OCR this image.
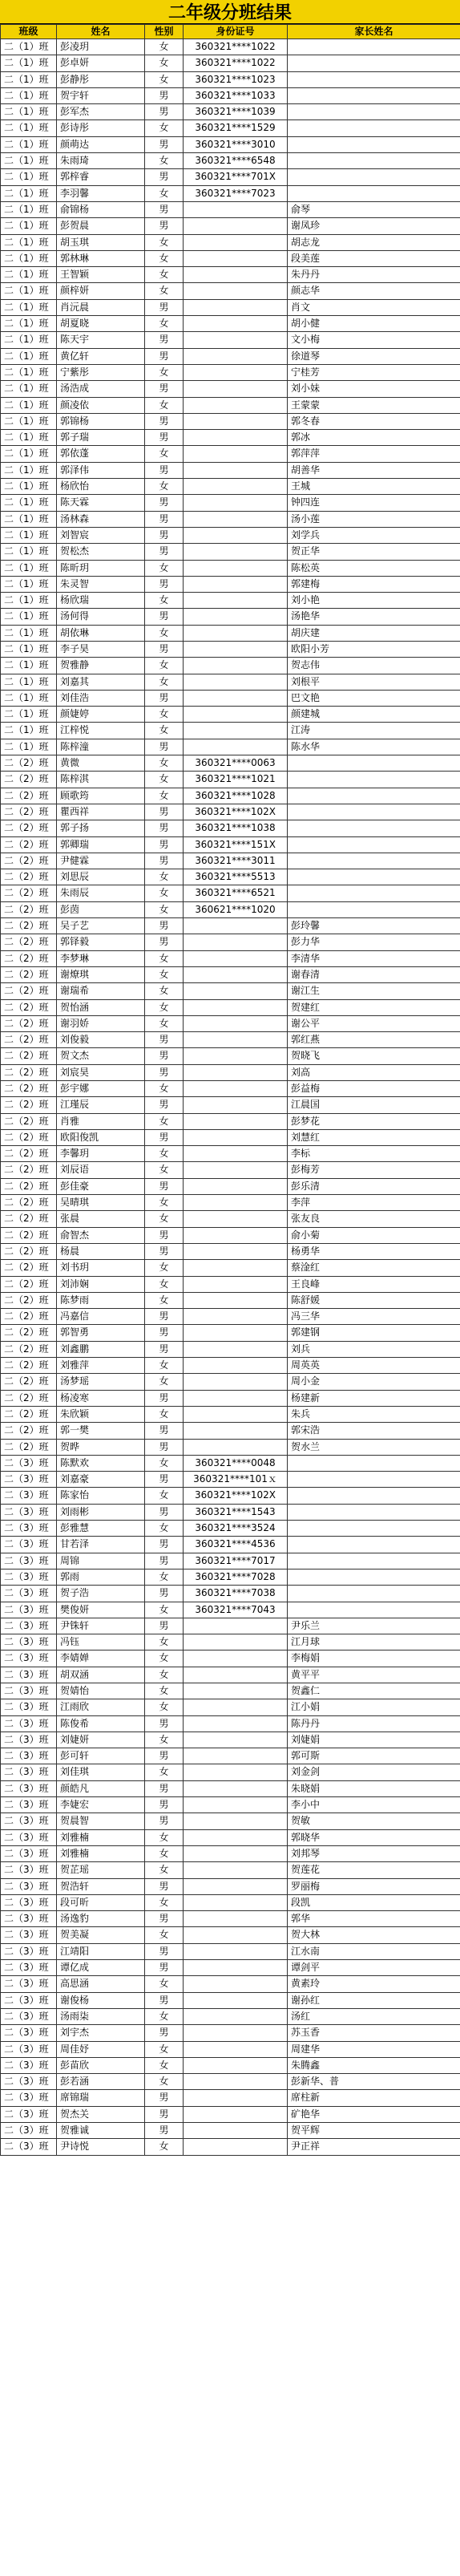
二年级分班结果
班级	姓名	性别	身份证号	家长姓名
二（1）班	彭凌玥	女	360321****1022	
二（1）班	彭卓妍	女	360321****1022	
二（1）班	彭静彤	女	360321****1023	
二（1）班	贺宇轩	男	360321****1033	
二（1）班	彭军杰	男	360321****1039	
二（1）班	彭诗彤	女	360321****1529	
二（1）班	颜萌达	男	360321****3010	
二（1）班	朱雨琦	女	360321****6548	
二（1）班	郭梓睿	男	360321****701X	
二（1）班	李羽馨	女	360321****7023	
二（1）班	俞锦杨	男		俞琴
二（1）班	彭贺晨	男		谢凤珍
二（1）班	胡玉琪	女		胡志龙
二（1）班	郭林琳	女		段美莲
二（1）班	王智颖	女		朱丹丹
二（1）班	颜梓妍	女		颜志华
二（1）班	肖沅晨	男		肖文
二（1）班	胡夏晓	女		胡小健
二（1）班	陈天宇	男		文小梅
二（1）班	黄亿轩	男		徐道琴
二（1）班	宁紫彤	女		宁桂芳
二（1）班	汤浩成	男		刘小妹
二（1）班	颜凌依	女		王蒙蒙
二（1）班	郭锦杨	男		郭冬春
二（1）班	郭子瑞	男		郭冰
二（1）班	郭依蓬	女		郭萍萍
二（1）班	郭泽伟	男		胡善华
二（1）班	杨欣怡	女		王城
二（1）班	陈天霖	男		钟四连
二（1）班	汤林森	男		汤小莲
二（1）班	刘智宸	男		刘学兵
二（1）班	贺松杰	男		贺正华
二（1）班	陈昕玥	女		陈松英
二（1）班	朱灵智	男		郭建梅
二（1）班	杨欣瑞	女		刘小艳
二（1）班	汤何得	男		汤艳华
二（1）班	胡依琳	女		胡庆建
二（1）班	李子昊	男		欧阳小芳
二（1）班	贺雅静	女		贺志伟
二（1）班	刘嘉其	女		刘根平
二（1）班	刘佳浩	男		巴文艳
二（1）班	颜婕婷	女		颜建城
二（1）班	江梓悦	女		江涛
二（1）班	陈梓潼	男		陈水华
二（2）班	黄微	女	360321****0063	
二（2）班	陈梓淇	女	360321****1021	
二（2）班	顾歌筠	女	360321****1028	
二（2）班	瞿西祥	男	360321****102X	
二（2）班	郭子扬	男	360321****1038	
二（2）班	郭卿瑞	男	360321****151X	
二（2）班	尹健霖	男	360321****3011	
二（2）班	刘思辰	女	360321****5513	
二（2）班	朱雨辰	女	360321****6521	
二（2）班	彭茵	女	360621****1020	
二（2）班	吴子艺	男		彭玲馨
二（2）班	郭铎毅	男		彭力华
二（2）班	李梦琳	女		李清华
二（2）班	谢燎琪	女		谢春清
二（2）班	谢瑞希	女		谢江生
二（2）班	贺怡涵	女		贺建红
二（2）班	谢羽娇	女		谢公平
二（2）班	刘俊毅	男		郭红燕
二（2）班	贺文杰	男		贺晓飞
二（2）班	刘宸昊	男		刘高
二（2）班	彭宇娜	女		彭益梅
二（2）班	江瑾辰	男		江晨国
二（2）班	肖雅	女		彭梦花
二（2）班	欧阳俊凯	男		刘慧红
二（2）班	李馨玥	女		李标
二（2）班	刘辰语	女		彭梅芳
二（2）班	彭佳豪	男		彭乐清
二（2）班	吴晴琪	女		李萍
二（2）班	张晨	女		张友良
二（2）班	俞智杰	男		俞小菊
二（2）班	杨晨	男		杨勇华
二（2）班	刘书玥	女		蔡淦红
二（2）班	刘沛娴	女		王良峰
二（2）班	陈梦雨	女		陈舒媛
二（2）班	冯嘉信	男		冯三华
二（2）班	郭智勇	男		郭建钢
二（2）班	刘鑫鹏	男		刘兵
二（2）班	刘雅萍	女		周英英
二（2）班	汤梦瑶	女		周小金
二（2）班	杨凌寒	男		杨建新
二（2）班	朱欣颖	女		朱兵
二（2）班	郭一樊	男		郭宋浩
二（2）班	贺晔	男		贺水兰
二（3）班	陈默欢	女	360321****0048	
二（3）班	刘嘉豪	男	360321****101ｘ	
二（3）班	陈家怡	女	360321****102X	
二（3）班	刘雨彬	男	360321****1543	
二（3）班	彭雅慧	女	360321****3524	
二（3）班	甘若泽	男	360321****4536	
二（3）班	周锦	男	360321****7017	
二（3）班	郭雨	女	360321****7028	
二（3）班	贺子浩	男	360321****7038	
二（3）班	樊俊妍	女	360321****7043	
二（3）班	尹铢轩	男		尹乐兰
二（3）班	冯钰	女		江月球
二（3）班	李婧婵	女		李梅娟
二（3）班	胡双涵	女		黄平平
二（3）班	贺婧怡	女		贺鑫仁
二（3）班	江雨欣	女		江小娟
二（3）班	陈俊希	男		陈丹丹
二（3）班	刘婕妍	女		刘婕娟
二（3）班	彭可轩	男		郭可斯
二（3）班	刘佳琪	女		刘金剑
二（3）班	颜皓凡	男		朱晓娟
二（3）班	李婕宏	男		李小中
二（3）班	贺晨智	男		贺敏
二（3）班	刘雅楠	女		郭晓华
二（3）班	刘雅楠	女		刘邦琴
二（3）班	贺芷瑶	女		贺莲花
二（3）班	贺浩轩	男		罗丽梅
二（3）班	段可昕	女		段凯
二（3）班	汤逸豹	男		郭华
二（3）班	贺美凝	女		贺大林
二（3）班	江靖阳	男		江水南
二（3）班	谭亿成	男		谭剑平
二（3）班	高思涵	女		黄素玲
二（3）班	谢俊杨	男		谢孙红
二（3）班	汤雨柒	女		汤红
二（3）班	刘宇杰	男		苏玉香
二（3）班	周佳妤	女		周建华
二（3）班	彭苗欣	女		朱腾鑫
二（3）班	彭若涵	女		彭新华、普
二（3）班	席锦瑞	男		席柱新
二（3）班	贺杰关	男		矿艳华
二（3）班	贺雅诚	男		贺平辉
二（3）班	尹诗悦	女		尹正祥
